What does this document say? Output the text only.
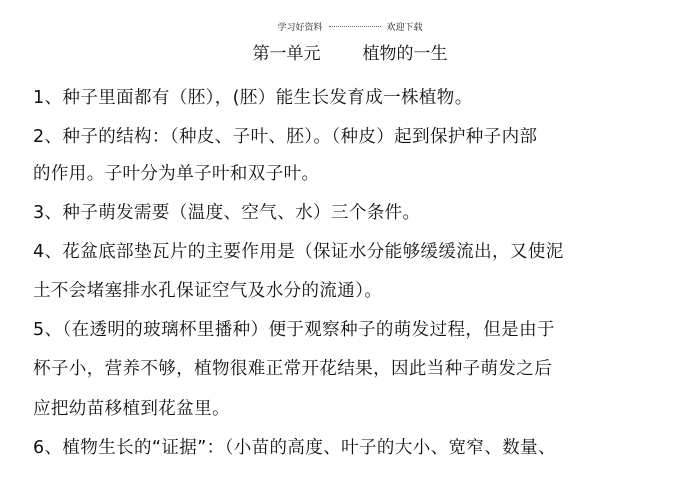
学习好资料	欢迎下载
第一单元 植物的一生
1、种子里面都有（胚），(胚）能生长发育成一株植物。
2、种子的结构：（种皮、子叶、胚）。（种皮）起到保护种子内部
的作用。子叶分为单子叶和双子叶。
3、种子萌发需要（温度、空气、水）三个条件。
4、花盆底部垫瓦片的主要作用是（保证水分能够缓缓流出，又使泥
土不会堵塞排水孔保证空气及水分的流通）。
5、（在透明的玻璃杯里播种）便于观察种子的萌发过程，但是由于
杯子小，营养不够，植物很难正常开花结果，因此当种子萌发之后
应把幼苗移植到花盆里。
6、植物生长的“证据”：（小苗的高度、叶子的大小、宽窄、数量、
